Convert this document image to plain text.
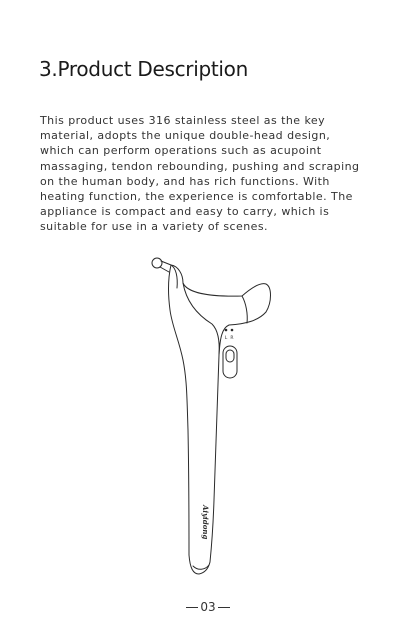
3.Product Description

This product uses 316 stainless steel as the key
material, adopts the unique double-head design,
which can perform operations such as acupoint
massaging, tendon rebounding, pushing and scraping
on the human body, and has rich functions. With
heating function, the experience is comfortable. The
appliance is compact and easy to carry, which is
suitable for use in a variety of scenes.

L R
Aiyidong
03
